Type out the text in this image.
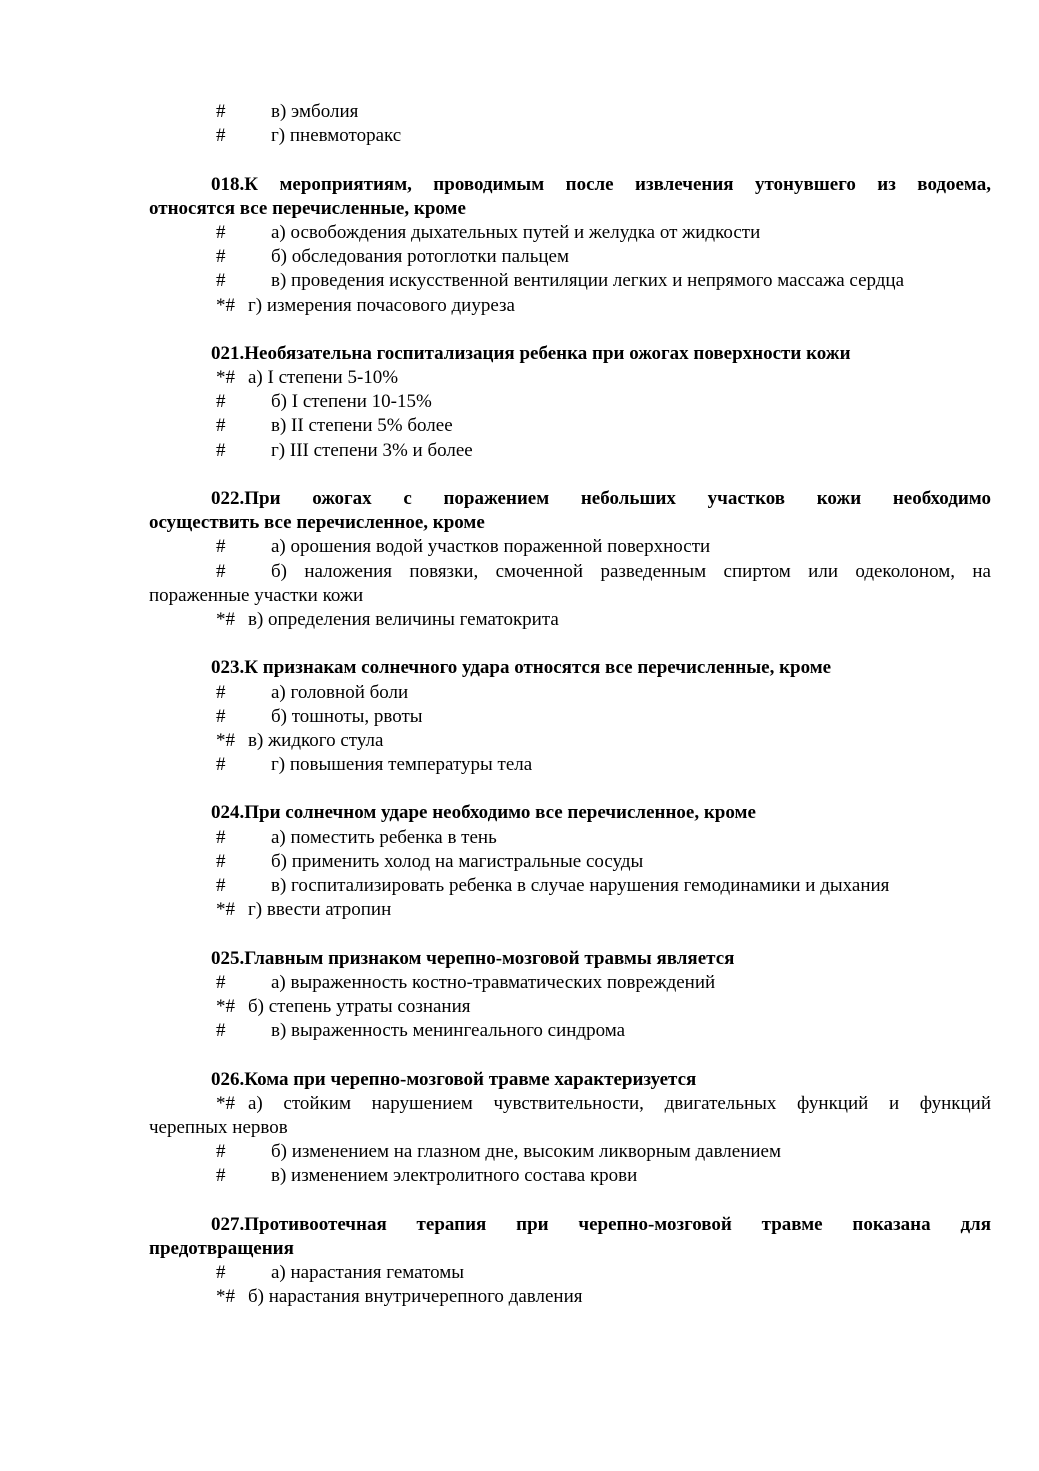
# в) эмболия
# г) пневмоторакс
018.К мероприятиям, проводимым после извлечения утонувшего из водоема,
относятся все перечисленные, кроме
# а) освобождения дыхательных путей и желудка от жидкости
# б) обследования ротоглотки пальцем
# в) проведения искусственной вентиляции легких и непрямого массажа сердца
*# г) измерения почасового диуреза
021.Необязательна госпитализация ребенка при ожогах поверхности кожи
*# а) I степени 5-10%
# б) I степени 10-15%
# в) II степени 5% более
# г) III степени 3% и более
022.При ожогах с поражением небольших участков кожи необходимо
осуществить все перечисленное, кроме
# а) орошения водой участков пораженной поверхности
# б) наложения повязки, смоченной разведенным спиртом или одеколоном, на
пораженные участки кожи
*# в) определения величины гематокрита
023.К признакам солнечного удара относятся все перечисленные, кроме
# а) головной боли
# б) тошноты, рвоты
*# в) жидкого стула
# г) повышения температуры тела
024.При солнечном ударе необходимо все перечисленное, кроме
# а) поместить ребенка в тень
# б) применить холод на магистральные сосуды
# в) госпитализировать ребенка в случае нарушения гемодинамики и дыхания
*# г) ввести атропин
025.Главным признаком черепно-мозговой травмы является
# а) выраженность костно-травматических повреждений
*# б) степень утраты сознания
# в) выраженность менингеального синдрома
026.Кома при черепно-мозговой травме характеризуется
*# а) стойким нарушением чувствительности, двигательных функций и функций
черепных нервов
# б) изменением на глазном дне, высоким ликворным давлением
# в) изменением электролитного состава крови
027.Противоотечная терапия при черепно-мозговой травме показана для
предотвращения
# а) нарастания гематомы
*# б) нарастания внутричерепного давления
